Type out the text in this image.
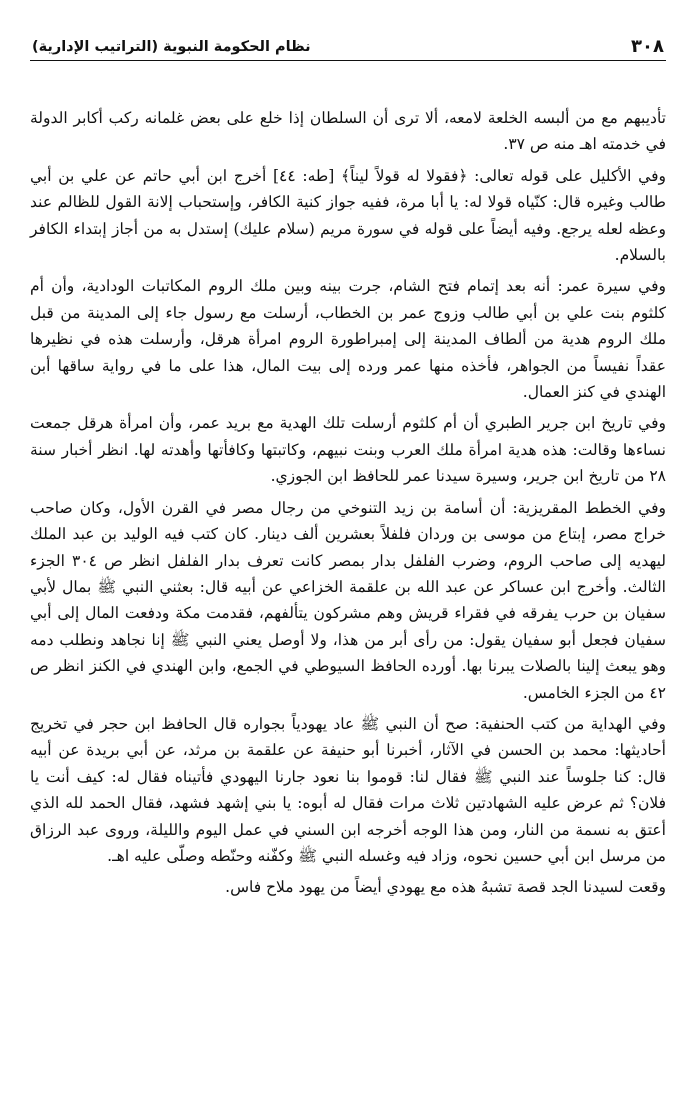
٣٠٨
نظام الحكومة النبوية (التراتيب الإدارية)

تأديبهم مع من ألبسه الخلعة لامعه، ألا ترى أن السلطان إذا خلع على بعض غلمانه ركب أكابر الدولة في خدمته اهـ منه ص ٣٧.

وفي الأكليل على قوله تعالى: ﴿فقولا له قولاً ليناً﴾ [طه: ٤٤] أخرج ابن أبي حاتم عن علي بن أبي طالب وغيره قال: كنّياه قولا له: يا أبا مرة، ففيه جواز كنية الكافر، وإستحباب إلانة القول للظالم عند وعظه لعله يرجع. وفيه أيضاً على قوله في سورة مريم (سلام عليك) إستدل به من أجاز إبتداء الكافر بالسلام.

وفي سيرة عمر: أنه بعد إتمام فتح الشام، جرت بينه وبين ملك الروم المكاتبات الودادية، وأن أم كلثوم بنت علي بن أبي طالب وزوج عمر بن الخطاب، أرسلت مع رسول جاء إلى المدينة من قبل ملك الروم هدية من ألطاف المدينة إلى إمبراطورة الروم امرأة هرقل، وأرسلت هذه في نظيرها عقداً نفيساً من الجواهر، فأخذه منها عمر ورده إلى بيت المال، هذا على ما في رواية ساقها أبن الهندي في كنز العمال.

وفي تاريخ ابن جرير الطبري أن أم كلثوم أرسلت تلك الهدية مع بريد عمر، وأن امرأة هرقل جمعت نساءها وقالت: هذه هدية امرأة ملك العرب وبنت نبيهم، وكاتبتها وكافأتها وأهدته لها. انظر أخبار سنة ٢٨ من تاريخ ابن جرير، وسيرة سيدنا عمر للحافظ ابن الجوزي.

وفي الخطط المقريزية: أن أسامة بن زيد التنوخي من رجال مصر في القرن الأول، وكان صاحب خراج مصر، إبتاع من موسى بن وردان فلفلاً بعشرين ألف دينار. كان كتب فيه الوليد بن عبد الملك ليهديه إلى صاحب الروم، وضرب الفلفل بدار بمصر كانت تعرف بدار الفلفل انظر ص ٣٠٤ الجزء الثالث. وأخرج ابن عساكر عن عبد الله بن علقمة الخزاعي عن أبيه قال: بعثني النبي ﷺ بمال لأبي سفيان بن حرب يفرقه في فقراء قريش وهم مشركون يتألفهم، فقدمت مكة ودفعت المال إلى أبي سفيان فجعل أبو سفيان يقول: من رأى أبر من هذا، ولا أوصل يعني النبي ﷺ إنا نجاهد ونطلب دمه وهو يبعث إلينا بالصلات يبرنا بها. أورده الحافظ السيوطي في الجمع، وابن الهندي في الكنز انظر ص ٤٢ من الجزء الخامس.

وفي الهداية من كتب الحنفية: صح أن النبي ﷺ عاد يهودياً بجواره قال الحافظ ابن حجر في تخريج أحاديثها: محمد بن الحسن في الآثار، أخبرنا أبو حنيفة عن علقمة بن مرثد، عن أبي بريدة عن أبيه قال: كنا جلوساً عند النبي ﷺ فقال لنا: قوموا بنا نعود جارنا اليهودي فأتيناه فقال له: كيف أنت يا فلان؟ ثم عرض عليه الشهادتين ثلاث مرات فقال له أبوه: يا بني إشهد فشهد، فقال الحمد لله الذي أعتق به نسمة من النار، ومن هذا الوجه أخرجه ابن السني في عمل اليوم والليلة، وروى عبد الرزاق من مرسل ابن أبي حسين نحوه، وزاد فيه وغسله النبي ﷺ وكفّنه وحنّطه وصلّى عليه اهـ.

وقعت لسيدنا الجد قصة تشبهُ هذه مع يهودي أيضاً من يهود ملاح فاس.
